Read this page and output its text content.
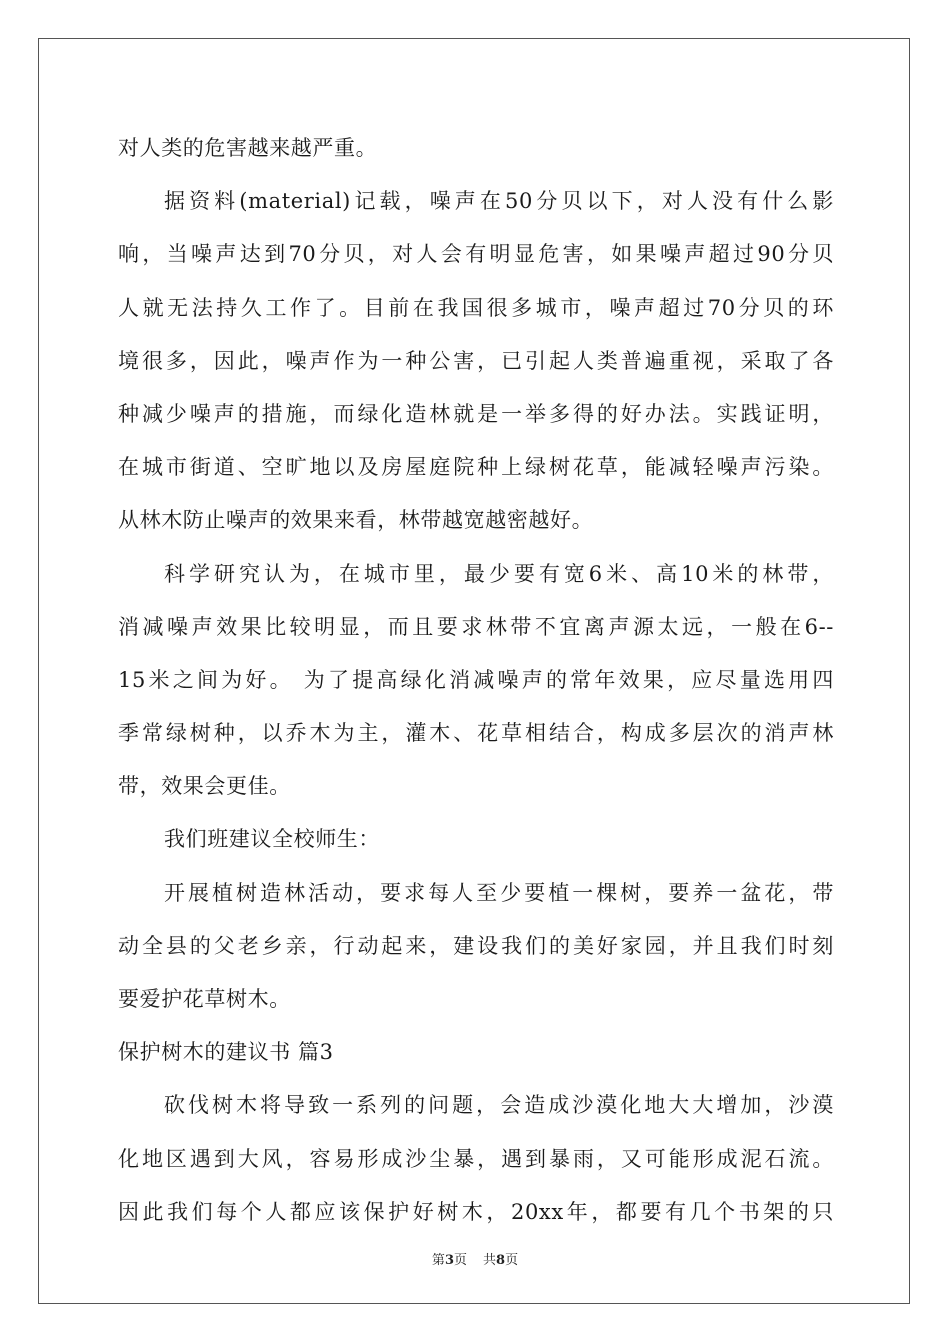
对人类的危害越来越严重。
据资料(material)记载，噪声在50分贝以下，对人没有什么影
响，当噪声达到70分贝，对人会有明显危害，如果噪声超过90分贝
人就无法持久工作了。目前在我国很多城市，噪声超过70分贝的环
境很多，因此，噪声作为一种公害，已引起人类普遍重视，采取了各
种减少噪声的措施，而绿化造林就是一举多得的好办法。实践证明，
在城市街道、空旷地以及房屋庭院种上绿树花草，能减轻噪声污染。
从林木防止噪声的效果来看，林带越宽越密越好。
科学研究认为，在城市里，最少要有宽6米、高10米的林带，
消减噪声效果比较明显，而且要求林带不宜离声源太远，一般在6--
15米之间为好。 为了提高绿化消减噪声的常年效果，应尽量选用四
季常绿树种，以乔木为主，灌木、花草相结合，构成多层次的消声林
带，效果会更佳。
我们班建议全校师生：
开展植树造林活动，要求每人至少要植一棵树，要养一盆花，带
动全县的父老乡亲，行动起来，建设我们的美好家园，并且我们时刻
要爱护花草树木。
保护树木的建议书 篇3
砍伐树木将导致一系列的问题，会造成沙漠化地大大增加，沙漠
化地区遇到大风，容易形成沙尘暴，遇到暴雨，又可能形成泥石流。
因此我们每个人都应该保护好树木，20xx年，都要有几个书架的只
第3页 共8页
